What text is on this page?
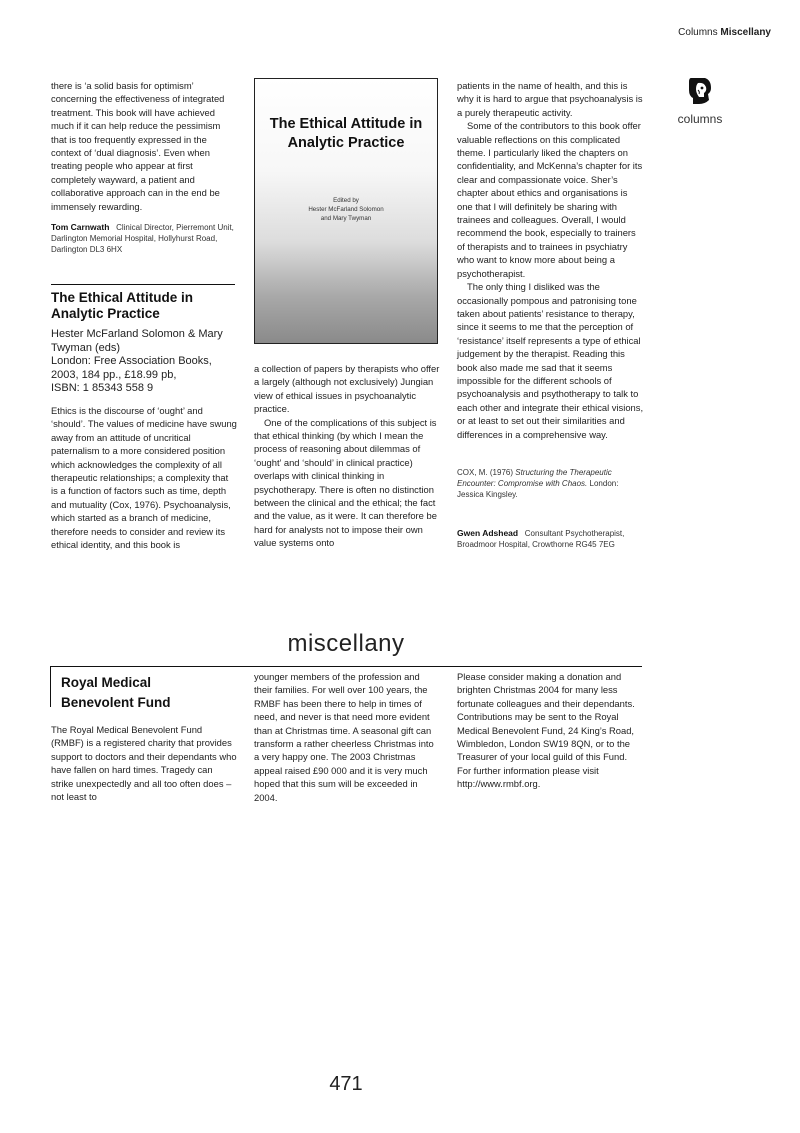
Columns Miscellany
columns

there is ‘a solid basis for optimism’ concerning the effectiveness of integrated treatment. This book will have achieved much if it can help reduce the pessimism that is too frequently expressed in the context of ‘dual diagnosis’. Even when treating people who appear at first completely wayward, a patient and collaborative approach can in the end be immensely rewarding.

Tom Carnwath Clinical Director, Pierremont Unit, Darlington Memorial Hospital, Hollyhurst Road, Darlington DL3 6HX
The Ethical Attitude in Analytic Practice
Hester McFarland Solomon & Mary Twyman (eds)
London: Free Association Books,
2003, 184 pp., £18.99 pb,
ISBN: 1 85343 558 9

Ethics is the discourse of ‘ought’ and ‘should’. The values of medicine have swung away from an attitude of uncritical paternalism to a more considered position which acknowledges the complexity of all therapeutic relationships; a complexity that is a function of factors such as time, depth and mutuality (Cox, 1976). Psychoanalysis, which started as a branch of medicine, therefore needs to consider and review its ethical identity, and this book is

The Ethical Attitude in Analytic Practice
Edited by
Hester McFarland Solomon
and Mary Twyman

a collection of papers by therapists who offer a largely (although not exclusively) Jungian view of ethical issues in psychoanalytic practice.

One of the complications of this subject is that ethical thinking (by which I mean the process of reasoning about dilemmas of ‘ought’ and ‘should’ in clinical practice) overlaps with clinical thinking in psychotherapy. There is often no distinction between the clinical and the ethical; the fact and the value, as it were. It can therefore be hard for analysts not to impose their own value systems onto

patients in the name of health, and this is why it is hard to argue that psychoanalysis is a purely therapeutic activity.

Some of the contributors to this book offer valuable reflections on this complicated theme. I particularly liked the chapters on confidentiality, and McKenna’s chapter for its clear and compassionate voice. Sher’s chapter about ethics and organisations is one that I will definitely be sharing with trainees and colleagues. Overall, I would recommend the book, especially to trainers of therapists and to trainees in psychiatry who want to know more about being a psychotherapist.

The only thing I disliked was the occasionally pompous and patronising tone taken about patients’ resistance to therapy, since it seems to me that the perception of ‘resistance’ itself represents a type of ethical judgement by the therapist. Reading this book also made me sad that it seems impossible for the different schools of psychoanalysis and psythotherapy to talk to each other and integrate their ethical visions, or at least to set out their similarities and differences in a comprehensive way.

COX, M. (1976) Structuring the Therapeutic Encounter: Compromise with Chaos. London: Jessica Kingsley.
Gwen Adshead Consultant Psychotherapist, Broadmoor Hospital, Crowthorne RG45 7EG
miscellany
Royal Medical Benevolent Fund

The Royal Medical Benevolent Fund (RMBF) is a registered charity that provides support to doctors and their dependants who have fallen on hard times. Tragedy can strike unexpectedly and all too often does – not least to

younger members of the profession and their families. For well over 100 years, the RMBF has been there to help in times of need, and never is that need more evident than at Christmas time. A seasonal gift can transform a rather cheerless Christmas into a very happy one. The 2003 Christmas appeal raised £90 000 and it is very much hoped that this sum will be exceeded in 2004.

Please consider making a donation and brighten Christmas 2004 for many less fortunate colleagues and their dependants. Contributions may be sent to the Royal Medical Benevolent Fund, 24 King’s Road, Wimbledon, London SW19 8QN, or to the Treasurer of your local guild of this Fund. For further information please visit http://www.rmbf.org.

471
